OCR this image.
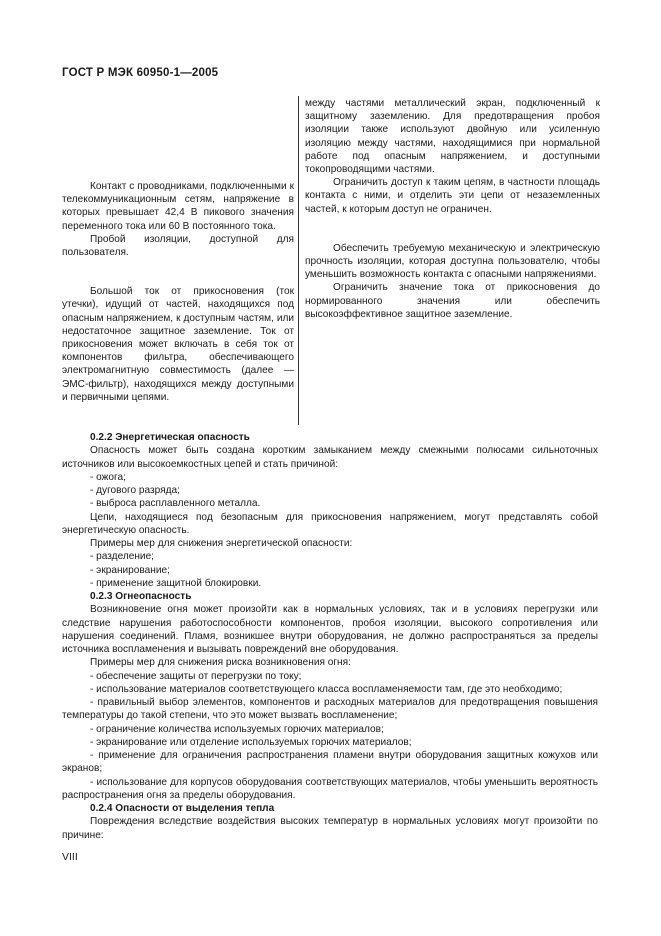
ГОСТ Р МЭК 60950-1—2005

Контакт с проводниками, подключенными к телекоммуникационным сетям, напряжение в которых превышает 42,4 В пикового значения переменного тока или 60 В постоянного тока.

Пробой изоляции, доступной для пользователя.

Большой ток от прикосновения (ток утечки), идущий от частей, находящихся под опасным напряжением, к доступным частям, или недостаточное защитное заземление. Ток от прикосновения может включать в себя ток от компонентов фильтра, обеспечивающего электромагнитную совместимость (далее — ЭМС-фильтр), находящихся между доступными и первичными цепями.

между частями металлический экран, подключенный к защитному заземлению. Для предотвращения пробоя изоляции также используют двойную или усиленную изоляцию между частями, находящимися при нормальной работе под опасным напряжением, и доступными токопроводящими частями.

Ограничить доступ к таким цепям, в частности площадь контакта с ними, и отделить эти цепи от незаземленных частей, к которым доступ не ограничен.

Обеспечить требуемую механическую и электрическую прочность изоляции, которая доступна пользователю, чтобы уменьшить возможность контакта с опасными напряжениями.

Ограничить значение тока от прикосновения до нормированного значения или обеспечить высокоэффективное защитное заземление.

0.2.2 Энергетическая опасность

Опасность может быть создана коротким замыканием между смежными полюсами сильноточных источников или высокоемкостных цепей и стать причиной:

- ожога;

- дугового разряда;

- выброса расплавленного металла.

Цепи, находящиеся под безопасным для прикосновения напряжением, могут представлять собой энергетическую опасность.

Примеры мер для снижения энергетической опасности:

- разделение;

- экранирование;

- применение защитной блокировки.

0.2.3 Огнеопасность

Возникновение огня может произойти как в нормальных условиях, так и в условиях перегрузки или следствие нарушения работоспособности компонентов, пробоя изоляции, высокого сопротивления или нарушения соединений. Пламя, возникшее внутри оборудования, не должно распространяться за пределы источника воспламенения и вызывать повреждений вне оборудования.

Примеры мер для снижения риска возникновения огня:

- обеспечение защиты от перегрузки по току;

- использование материалов соответствующего класса воспламеняемости там, где это необходимо;

- правильный выбор элементов, компонентов и расходных материалов для предотвращения повышения температуры до такой степени, что это может вызвать воспламенение;

- ограничение количества используемых горючих материалов;

- экранирование или отделение используемых горючих материалов;

- применение для ограничения распространения пламени внутри оборудования защитных кожухов или экранов;

- использование для корпусов оборудования соответствующих материалов, чтобы уменьшить вероятность распространения огня за пределы оборудования.

0.2.4 Опасности от выделения тепла

Повреждения вследствие воздействия высоких температур в нормальных условиях могут произойти по причине:

VIII
